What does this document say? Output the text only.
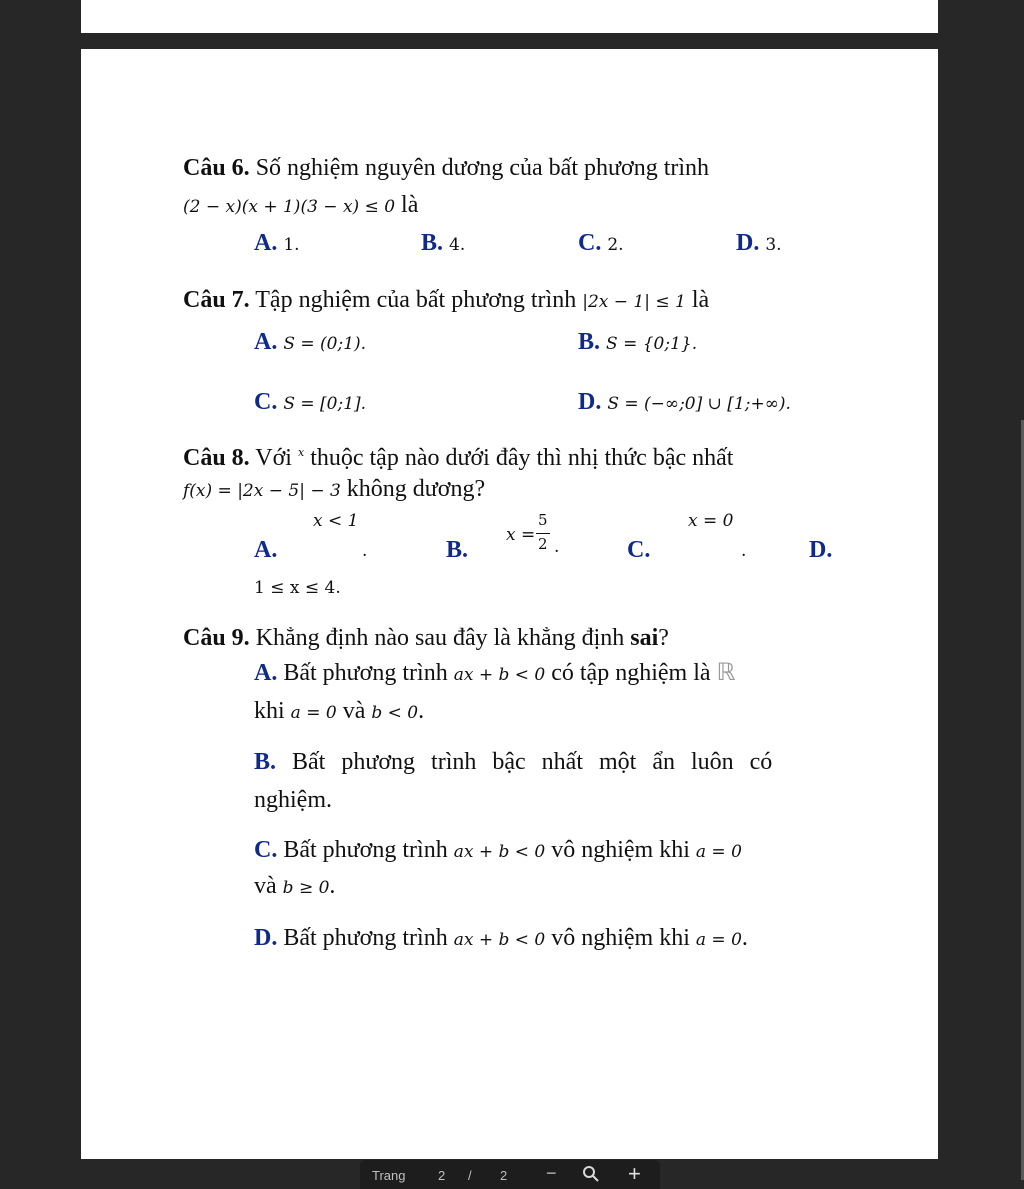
Câu 6. Số nghiệm nguyên dương của bất phương trình
(2 − x)(x + 1)(3 − x) ≤ 0 là
A. 1.	B. 4.	C. 2.	D. 3.
Câu 7. Tập nghiệm của bất phương trình |2x − 1| ≤ 1 là
A. S = (0;1).	B. S = {0;1}.
C. S = [0;1].	D. S = (−∞;0] ∪ [1;+∞).
Câu 8. Với $^x$ thuộc tập nào dưới đây thì nhị thức bậc nhất
f(x) = |2x − 5| − 3 không dương?
A.
x < 1
.	B.
x =
5
2 .	C.
x = 0
.	D.
1 ≤ x ≤ 4.
Câu 9. Khẳng định nào sau đây là khẳng định sai?
A. Bất phương trình ax + b < 0 có tập nghiệm là ℝ
khi a = 0 và b < 0.
B. Bất phương trình bậc nhất một ẩn luôn có
nghiệm.
C. Bất phương trình ax + b < 0 vô nghiệm khi a = 0
và b ≥ 0.
D. Bất phương trình ax + b < 0 vô nghiệm khi a = 0.
Trang	2 / 2 −	+
